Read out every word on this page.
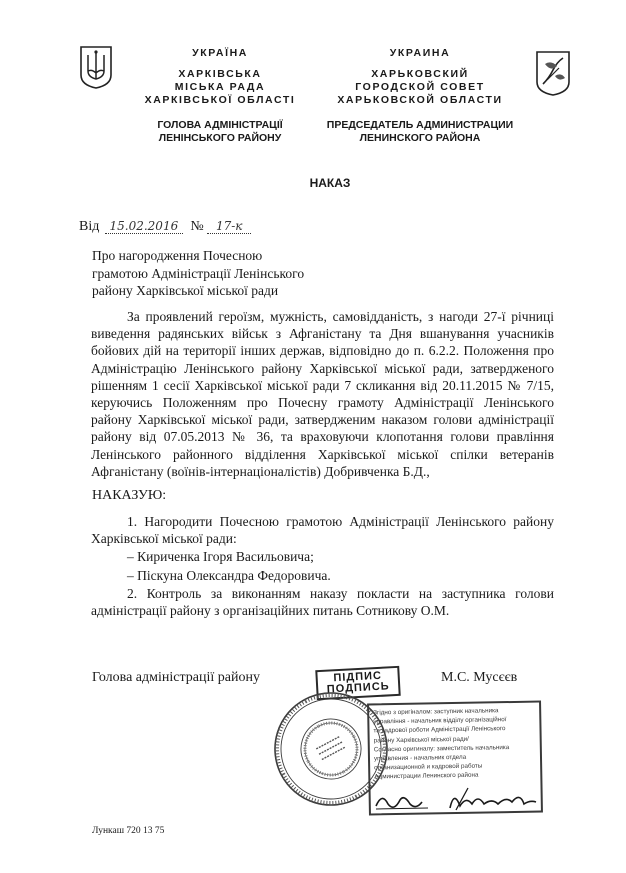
УКРАЇНА
ХАРКІВСЬКА
МІСЬКА РАДА
ХАРКІВСЬКОЇ ОБЛАСТІ
ГОЛОВА АДМІНІСТРАЦІЇ
ЛЕНІНСЬКОГО РАЙОНУ
УКРАИНА
ХАРЬКОВСКИЙ
ГОРОДСКОЙ СОВЕТ
ХАРЬКОВСКОЙ ОБЛАСТИ
ПРЕДСЕДАТЕЛЬ АДМИНИСТРАЦИИ
ЛЕНИНСКОГО РАЙОНА
НАКАЗ
Від 15.02.2016 № 17-к
Про нагородження Почесною
грамотою Адміністрації Ленінського
району Харківської міської ради
За проявлений героїзм, мужність, самовідданість, з нагоди 27-ї річниці
виведення радянських військ з Афганістану та Дня вшанування учасників
бойових дій на території інших держав, відповідно до п. 6.2.2. Положення про
Адміністрацію Ленінського району Харківської міської ради, затвердженого
рішенням 1 сесії Харківської міської ради 7 скликання від 20.11.2015 № 7/15,
керуючись Положенням про Почесну грамоту Адміністрації Ленінського
району Харківської міської ради, затвердженим наказом голови адміністрації
району від 07.05.2013 № 36, та враховуючи клопотання голови правління
Ленінського районного відділення Харківської міської спілки ветеранів
Афганістану (воїнів-інтернаціоналістів) Добривченка Б.Д.,
НАКАЗУЮ:
1. Нагородити Почесною грамотою Адміністрації Ленінського району
Харківської міської ради:
– Кириченка Ігоря Васильовича;
– Піскуна Олександра Федоровича.
2. Контроль за виконанням наказу покласти на заступника голови
адміністрації району з організаційних питань Сотникову О.М.
Голова адміністрації району	М.С. Мусєєв
ПІДПИС
ПОДПИСЬ
Згідно з оригіналом: заступник начальника
управління - начальник відділу організаційної
та кадрової роботи Адміністрації Ленінського
району Харківської міської ради/
Согласно оригиналу: заместитель начальника
управления - начальник отдела
организационной и кадровой работы
Администрации Ленинского района
Лункаш 720 13 75
